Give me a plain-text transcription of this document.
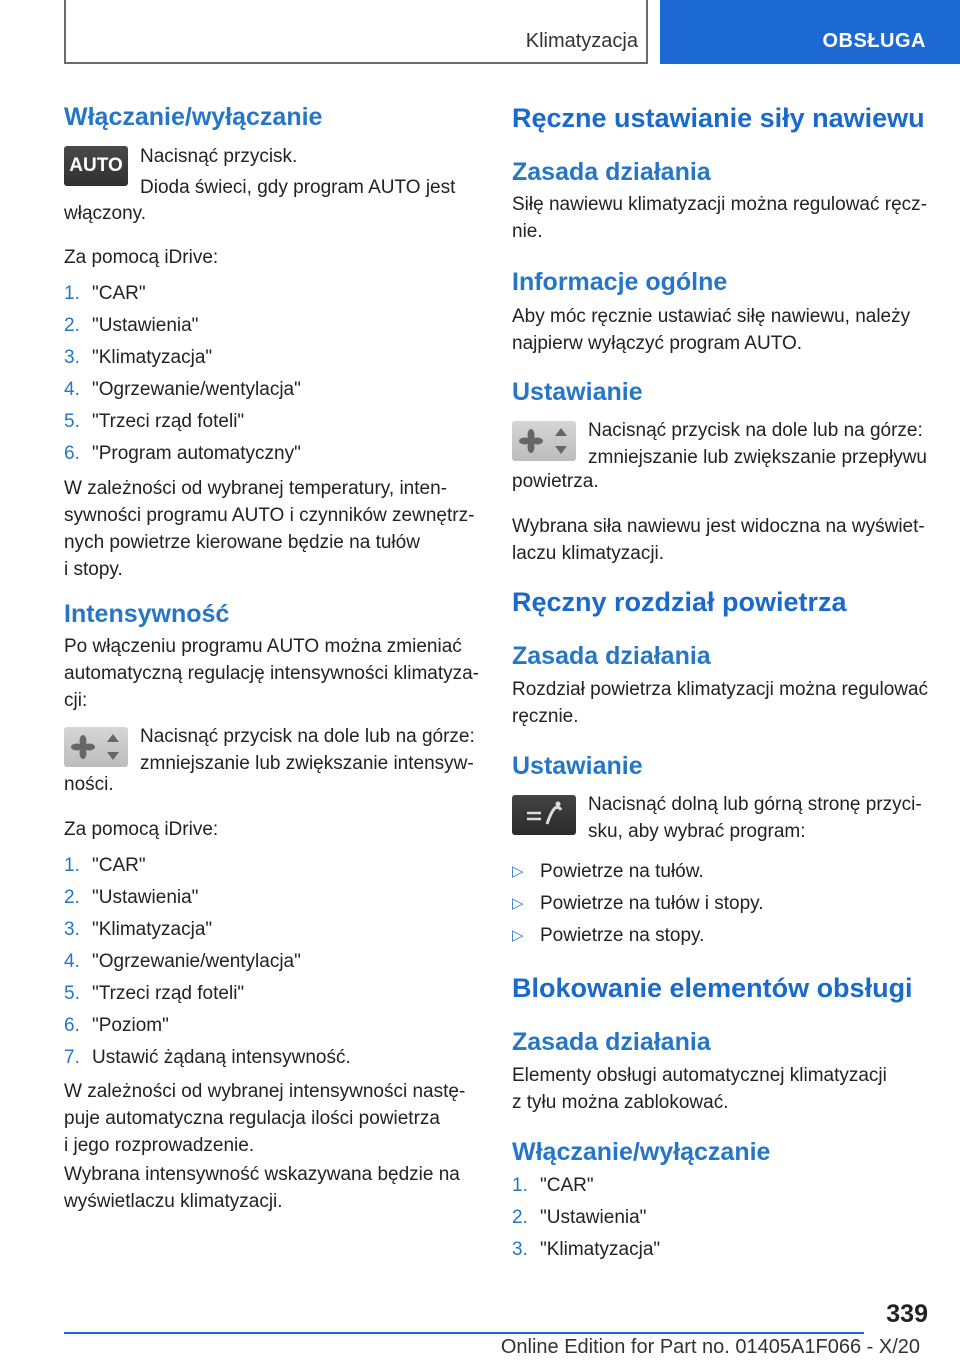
Klimatyzacja	OBSŁUGA
Włączanie/wyłączanie
AUTO Nacisnąć przycisk.

Dioda świeci, gdy program AUTO jest

włączony.

Za pomocą iDrive:

1. "CAR"
2. "Ustawienia"
3. "Klimatyzacja"
4. "Ogrzewanie/wentylacja"
5. "Trzeci rząd foteli"
6. "Program automatyczny"

W zależności od wybranej temperatury, inten-

sywności programu AUTO i czynników zewnętrz-

nych powietrze kierowane będzie na tułów

i stopy.

Intensywność

Po włączeniu programu AUTO można zmieniać

automatyczną regulację intensywności klimatyza-

cji:

Nacisnąć przycisk na dole lub na górze:

zmniejszanie lub zwiększanie intensyw-

ności.

Za pomocą iDrive:

1. "CAR"
2. "Ustawienia"
3. "Klimatyzacja"
4. "Ogrzewanie/wentylacja"
5. "Trzeci rząd foteli"
6. "Poziom"
7. Ustawić żądaną intensywność.

W zależności od wybranej intensywności nastę-

puje automatyczna regulacja ilości powietrza

i jego rozprowadzenie.

Wybrana intensywność wskazywana będzie na

wyświetlaczu klimatyzacji.

Ręczne ustawianie siły nawiewu
Zasada działania

Siłę nawiewu klimatyzacji można regulować ręcz-

nie.

Informacje ogólne

Aby móc ręcznie ustawiać siłę nawiewu, należy

najpierw wyłączyć program AUTO.

Ustawianie

Nacisnąć przycisk na dole lub na górze:

zmniejszanie lub zwiększanie przepływu

powietrza.

Wybrana siła nawiewu jest widoczna na wyświet-

laczu klimatyzacji.

Ręczny rozdział powietrza
Zasada działania

Rozdział powietrza klimatyzacji można regulować

ręcznie.

Ustawianie

Nacisnąć dolną lub górną stronę przyci-

sku, aby wybrać program:

▷ Powietrze na tułów.
▷ Powietrze na tułów i stopy.
▷ Powietrze na stopy.
Blokowanie elementów obsługi
Zasada działania

Elementy obsługi automatycznej klimatyzacji

z tyłu można zablokować.

Włączanie/wyłączanie
1. "CAR"
2. "Ustawienia"
3. "Klimatyzacja"
339
Online Edition for Part no. 01405A1F066 - X/20
